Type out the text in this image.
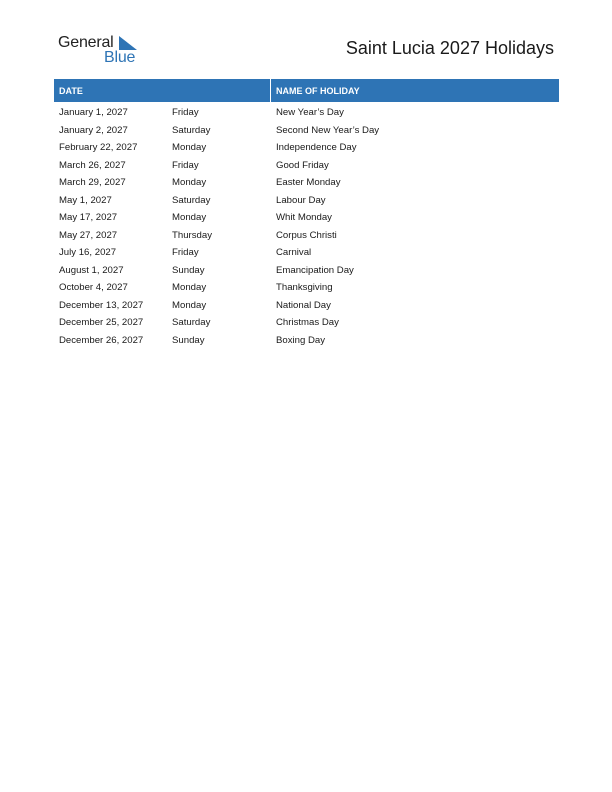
General
Blue	Saint Lucia 2027 Holidays
DATE	NAME OF HOLIDAY
January 1, 2027	Friday	New Year’s Day
January 2, 2027	Saturday	Second New Year’s Day
February 22, 2027	Monday	Independence Day
March 26, 2027	Friday	Good Friday
March 29, 2027	Monday	Easter Monday
May 1, 2027	Saturday	Labour Day
May 17, 2027	Monday	Whit Monday
May 27, 2027	Thursday	Corpus Christi
July 16, 2027	Friday	Carnival
August 1, 2027	Sunday	Emancipation Day
October 4, 2027	Monday	Thanksgiving
December 13, 2027	Monday	National Day
December 25, 2027	Saturday	Christmas Day
December 26, 2027	Sunday	Boxing Day
